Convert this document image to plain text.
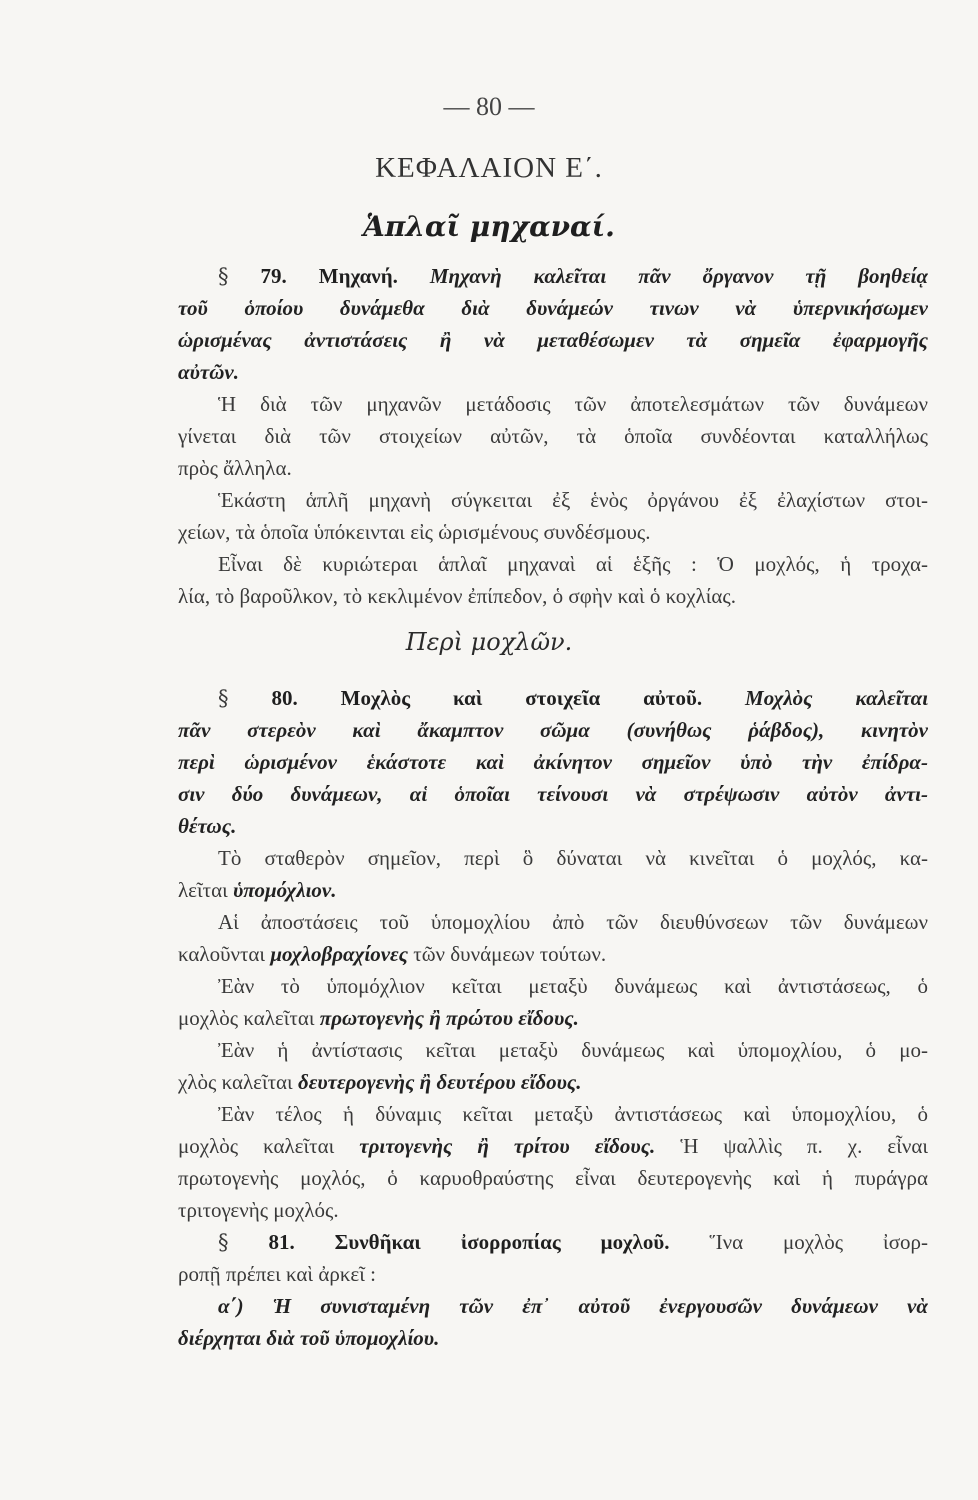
— 80 —
ΚΕΦΑΛΑΙΟΝ Ε΄.
Ἁπλαῖ μηχαναί.
§ 79. Μηχανή. Μηχανὴ καλεῖται πᾶν ὄργανον τῇ βοηθείᾳ
τοῦ ὁποίου δυνάμεθα διὰ δυνάμεών τινων νὰ ὑπερνικήσωμεν
ὡρισμένας ἀντιστάσεις ἢ νὰ μεταθέσωμεν τὰ σημεῖα ἐφαρμογῆς
αὐτῶν.
Ἡ διὰ τῶν μηχανῶν μετάδοσις τῶν ἀποτελεσμάτων τῶν δυνάμεων
γίνεται διὰ τῶν στοιχείων αὐτῶν, τὰ ὁποῖα συνδέονται καταλλήλως
πρὸς ἄλληλα.
Ἑκάστη ἁπλῆ μηχανὴ σύγκειται ἐξ ἑνὸς ὀργάνου ἐξ ἐλαχίστων στοι-
χείων, τὰ ὁποῖα ὑπόκεινται εἰς ὡρισμένους συνδέσμους.
Εἶναι δὲ κυριώτεραι ἁπλαῖ μηχαναὶ αἱ ἑξῆς : Ὁ μοχλός, ἡ τροχα-
λία, τὸ βαροῦλκον, τὸ κεκλιμένον ἐπίπεδον, ὁ σφὴν καὶ ὁ κοχλίας.
Περὶ μοχλῶν.
§ 80. Μοχλὸς καὶ στοιχεῖα αὐτοῦ. Μοχλὸς καλεῖται
πᾶν στερεὸν καὶ ἄκαμπτον σῶμα (συνήθως ῥάβδος), κινητὸν
περὶ ὡρισμένον ἑκάστοτε καὶ ἀκίνητον σημεῖον ὑπὸ τὴν ἐπίδρα-
σιν δύο δυνάμεων, αἱ ὁποῖαι τείνουσι νὰ στρέψωσιν αὐτὸν ἀντι-
θέτως.
Τὸ σταθερὸν σημεῖον, περὶ ὃ δύναται νὰ κινεῖται ὁ μοχλός, κα-
λεῖται ὑπομόχλιον.
Αἱ ἀποστάσεις τοῦ ὑπομοχλίου ἀπὸ τῶν διευθύνσεων τῶν δυνάμεων
καλοῦνται μοχλοβραχίονες τῶν δυνάμεων τούτων.
Ἐὰν τὸ ὑπομόχλιον κεῖται μεταξὺ δυνάμεως καὶ ἀντιστάσεως, ὁ
μοχλὸς καλεῖται πρωτογενὴς ἢ πρώτου εἴδους.
Ἐὰν ἡ ἀντίστασις κεῖται μεταξὺ δυνάμεως καὶ ὑπομοχλίου, ὁ μο-
χλὸς καλεῖται δευτερογενὴς ἢ δευτέρου εἴδους.
Ἐὰν τέλος ἡ δύναμις κεῖται μεταξὺ ἀντιστάσεως καὶ ὑπομοχλίου, ὁ
μοχλὸς καλεῖται τριτογενὴς ἢ τρίτου εἴδους. Ἡ ψαλλὶς π. χ. εἶναι
πρωτογενὴς μοχλός, ὁ καρυοθραύστης εἶναι δευτερογενὴς καὶ ἡ πυράγρα
τριτογενὴς μοχλός.
§ 81. Συνθῆκαι ἰσορροπίας μοχλοῦ. Ἵνα μοχλὸς ἰσορ-
ροπῇ πρέπει καὶ ἀρκεῖ :
α΄) Ἡ συνισταμένη τῶν ἐπ᾿ αὐτοῦ ἐνεργουσῶν δυνάμεων νὰ
διέρχηται διὰ τοῦ ὑπομοχλίου.
